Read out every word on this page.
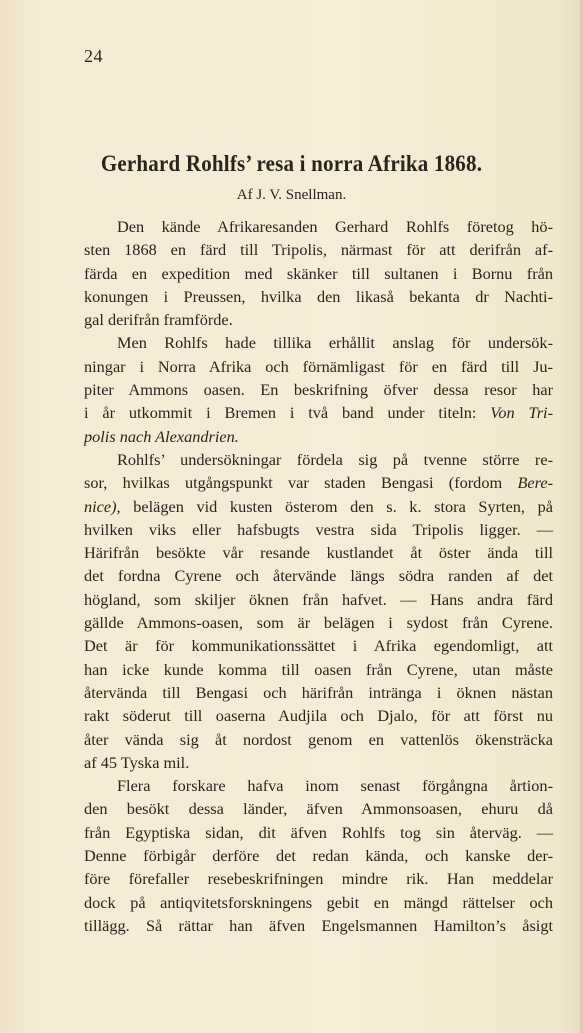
24
Gerhard Rohlfs’ resa i norra Afrika 1868.
Af J. V. Snellman.
Den kände Afrikaresanden Gerhard Rohlfs företog hö-
sten 1868 en färd till Tripolis, närmast för att derifrån af-
färda en expedition med skänker till sultanen i Bornu från
konungen i Preussen, hvilka den likaså bekanta dr Nachti-
gal derifrån framförde.
Men Rohlfs hade tillika erhållit anslag för undersök-
ningar i Norra Afrika och förnämligast för en färd till Ju-
piter Ammons oasen. En beskrifning öfver dessa resor har
i år utkommit i Bremen i två band under titeln: Von Tri-
polis nach Alexandrien.
Rohlfs’ undersökningar fördela sig på tvenne större re-
sor, hvilkas utgångspunkt var staden Bengasi (fordom Bere-
nice), belägen vid kusten österom den s. k. stora Syrten, på
hvilken viks eller hafsbugts vestra sida Tripolis ligger. —
Härifrån besökte vår resande kustlandet åt öster ända till
det fordna Cyrene och återvände längs södra randen af det
högland, som skiljer öknen från hafvet. — Hans andra färd
gällde Ammons-oasen, som är belägen i sydost från Cyrene.
Det är för kommunikationssättet i Afrika egendomligt, att
han icke kunde komma till oasen från Cyrene, utan måste
återvända till Bengasi och härifrån inträngа i öknen nästan
rakt söderut till oaserna Audjila och Djalo, för att först nu
åter vända sig åt nordost genom en vattenlös ökensträcka
af 45 Tyska mil.
Flera forskare hafva inom senast förgångna årtion-
den besökt dessa länder, äfven Ammonsoasen, ehuru då
från Egyptiska sidan, dit äfven Rohlfs tog sin återväg. —
Denne förbigår derföre det redan kända, och kanske der-
före förefaller resebeskrifningen mindre rik. Han meddelar
dock på antiqvitetsforskningens gebit en mängd rättelser och
tillägg. Så rättar han äfven Engelsmannen Hamilton’s åsigt
